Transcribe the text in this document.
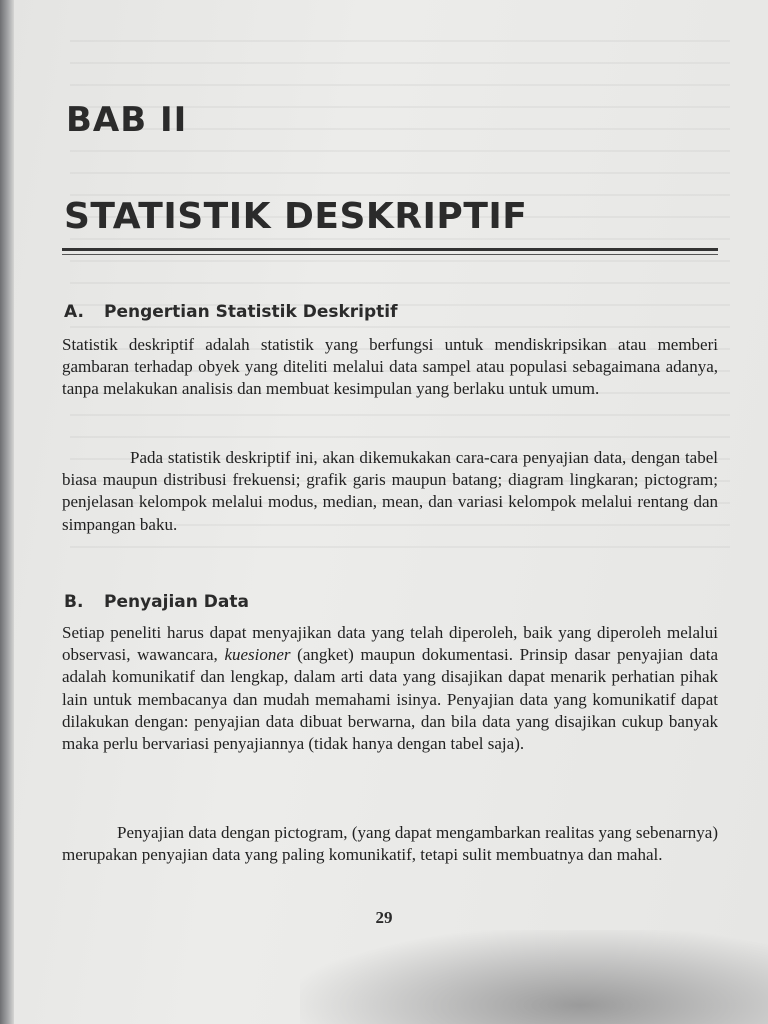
BAB II
STATISTIK DESKRIPTIF
A. Pengertian Statistik Deskriptif

Statistik deskriptif adalah statistik yang berfungsi untuk mendiskripsikan atau memberi gambaran terhadap obyek yang diteliti melalui data sampel atau populasi sebagaimana adanya, tanpa melakukan analisis dan membuat kesimpulan yang berlaku untuk umum.

Pada statistik deskriptif ini, akan dikemukakan cara-cara penyajian data, dengan tabel biasa maupun distribusi frekuensi; grafik garis maupun batang; diagram lingkaran; pictogram; penjelasan kelompok melalui modus, median, mean, dan variasi kelompok melalui rentang dan simpangan baku.

B. Penyajian Data

Setiap peneliti harus dapat menyajikan data yang telah diperoleh, baik yang diperoleh melalui observasi, wawancara, kuesioner (angket) maupun dokumentasi. Prinsip dasar penyajian data adalah komunikatif dan lengkap, dalam arti data yang disajikan dapat menarik perhatian pihak lain untuk membacanya dan mudah memahami isinya. Penyajian data yang komunikatif dapat dilakukan dengan: penyajian data dibuat berwarna, dan bila data yang disajikan cukup banyak maka perlu bervariasi penyajiannya (tidak hanya dengan tabel saja).

Penyajian data dengan pictogram, (yang dapat mengambarkan realitas yang sebenarnya) merupakan penyajian data yang paling komunikatif, tetapi sulit membuatnya dan mahal.

29
